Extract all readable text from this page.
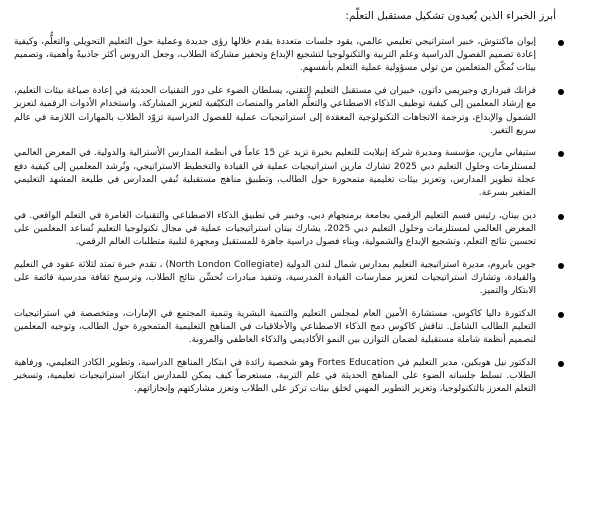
أبرز الخبراء الذين يُعيدون تشكيل مستقبل التعلّم:
إيوان ماكنتوش، خبير استراتيجي تعليمي عالمي، يقود جلسات متعددة يقدم خلالها رؤى جديدة وعملية حول التعليم التحويلي والتعلُّم، وكيفية إعادة تصميم الفصول الدراسية وعلم التربية والتكنولوجيا لتشجيع الإبداع وتحفيز مشاركة الطلاب، وجعل الدروس أكثر جاذبيةً وأهمية، وتصميم بيئات تُمكّن المتعلمين من تولي مسؤولية عملية التعلم بأنفسهم.
فرانك فيرداري وجيريمي داتون، خبيران في مستقبل التعليم التقني، يسلطان الضوء على دور التقنيات الحديثة في إعادة صياغة بيئات التعليم، مع إرشاد المعلمين إلى كيفية توظيف الذكاء الاصطناعي والتعلُّم الغامر والمنصات التكيّفية لتعزيز المشاركة، واستخدام الأدوات الرقمية لتعزيز الشمول والإبداع، وترجمة الاتجاهات التكنولوجية المعقدة إلى استراتيجيات عملية للفصول الدراسية تزوّد الطلاب بالمهارات اللازمة في عالم سريع التغير.
ستيفاني مارين، مؤسسة ومديرة شركة إنيلايت للتعليم بخبرة تزيد عن 15 عاماً في أنظمة المدارس الأسترالية والدولية. في المعرض العالمي لمستلزمات وحلول التعليم دبي 2025 تشارك مارين استراتيجيات عملية في القيادة والتخطيط الاستراتيجي، وتُرشد المعلمين إلى كيفية دفع عجلة تطوير المدارس، وتعزيز بيئات تعليمية متمحورة حول الطالب، وتطبيق مناهج مستقبلية تُبقي المدارس في طليعة المشهد التعليمي المتغير بسرعة.
دين بيتان، رئيس قسم التعليم الرقمي بجامعة برمنجهام دبي، وخبير في تطبيق الذكاء الاصطناعي والتقنيات الغامرة في التعلم الواقعي. في المعرض العالمي لمستلزمات وحلول التعليم دبي 2025، يشارك بيتان استراتيجيات عملية في مجال تكنولوجيا التعليم تُساعد المعلمين على تحسين نتائج التعلم، وتشجيع الإبداع والشمولية، وبناء فصول دراسية جاهزة للمستقبل ومجهزة لتلبية متطلبات العالم الرقمي.
جوين بايروم، مديرة استراتيجية التعليم بمدارس شمال لندن الدولية (North London Collegiate) ، تقدم خبرة تمتد لثلاثة عقود في التعليم والقيادة، وتشارك استراتيجيات لتعزيز ممارسات القيادة المدرسية، وتنفيذ مبادرات تُحسِّن نتائج الطلاب، وترسيخ ثقافة مدرسية قائمة على الابتكار والتميز.
الدكتورة داليا كاكوس، مستشارة الأمين العام لمجلس التعليم والتنمية البشرية وتنمية المجتمع في الإمارات، ومتخصصة في استراتيجيات التعليم الطالب الشامل. تناقش كاكوس دمج الذكاء الاصطناعي والأخلاقيات في المناهج التعليمية المتمحورة حول الطالب، وتوجيه المعلمين لتصميم أنظمة شاملة مستقبلية لضمان التوازن بين النمو الأكاديمي والذكاء العاطفي والمرونة.
الدكتور نيل هوبكين، مدير التعليم في Fortes Education وهو شخصية رائدة في ابتكار المناهج الدراسية، وتطوير الكادر التعليمي، ورفاهية الطلاب. تسلط جلساته الضوء على المناهج الحديثة في علم التربية، مستعرضاً كيف يمكن للمدارس ابتكار استراتيجيات تعليمية، وتسخير التعلم المعزز بالتكنولوجيا، وتعزيز التطوير المهني لخلق بيئات تركز على الطلاب وتعزز مشاركتهم وإنجازاتهم.
